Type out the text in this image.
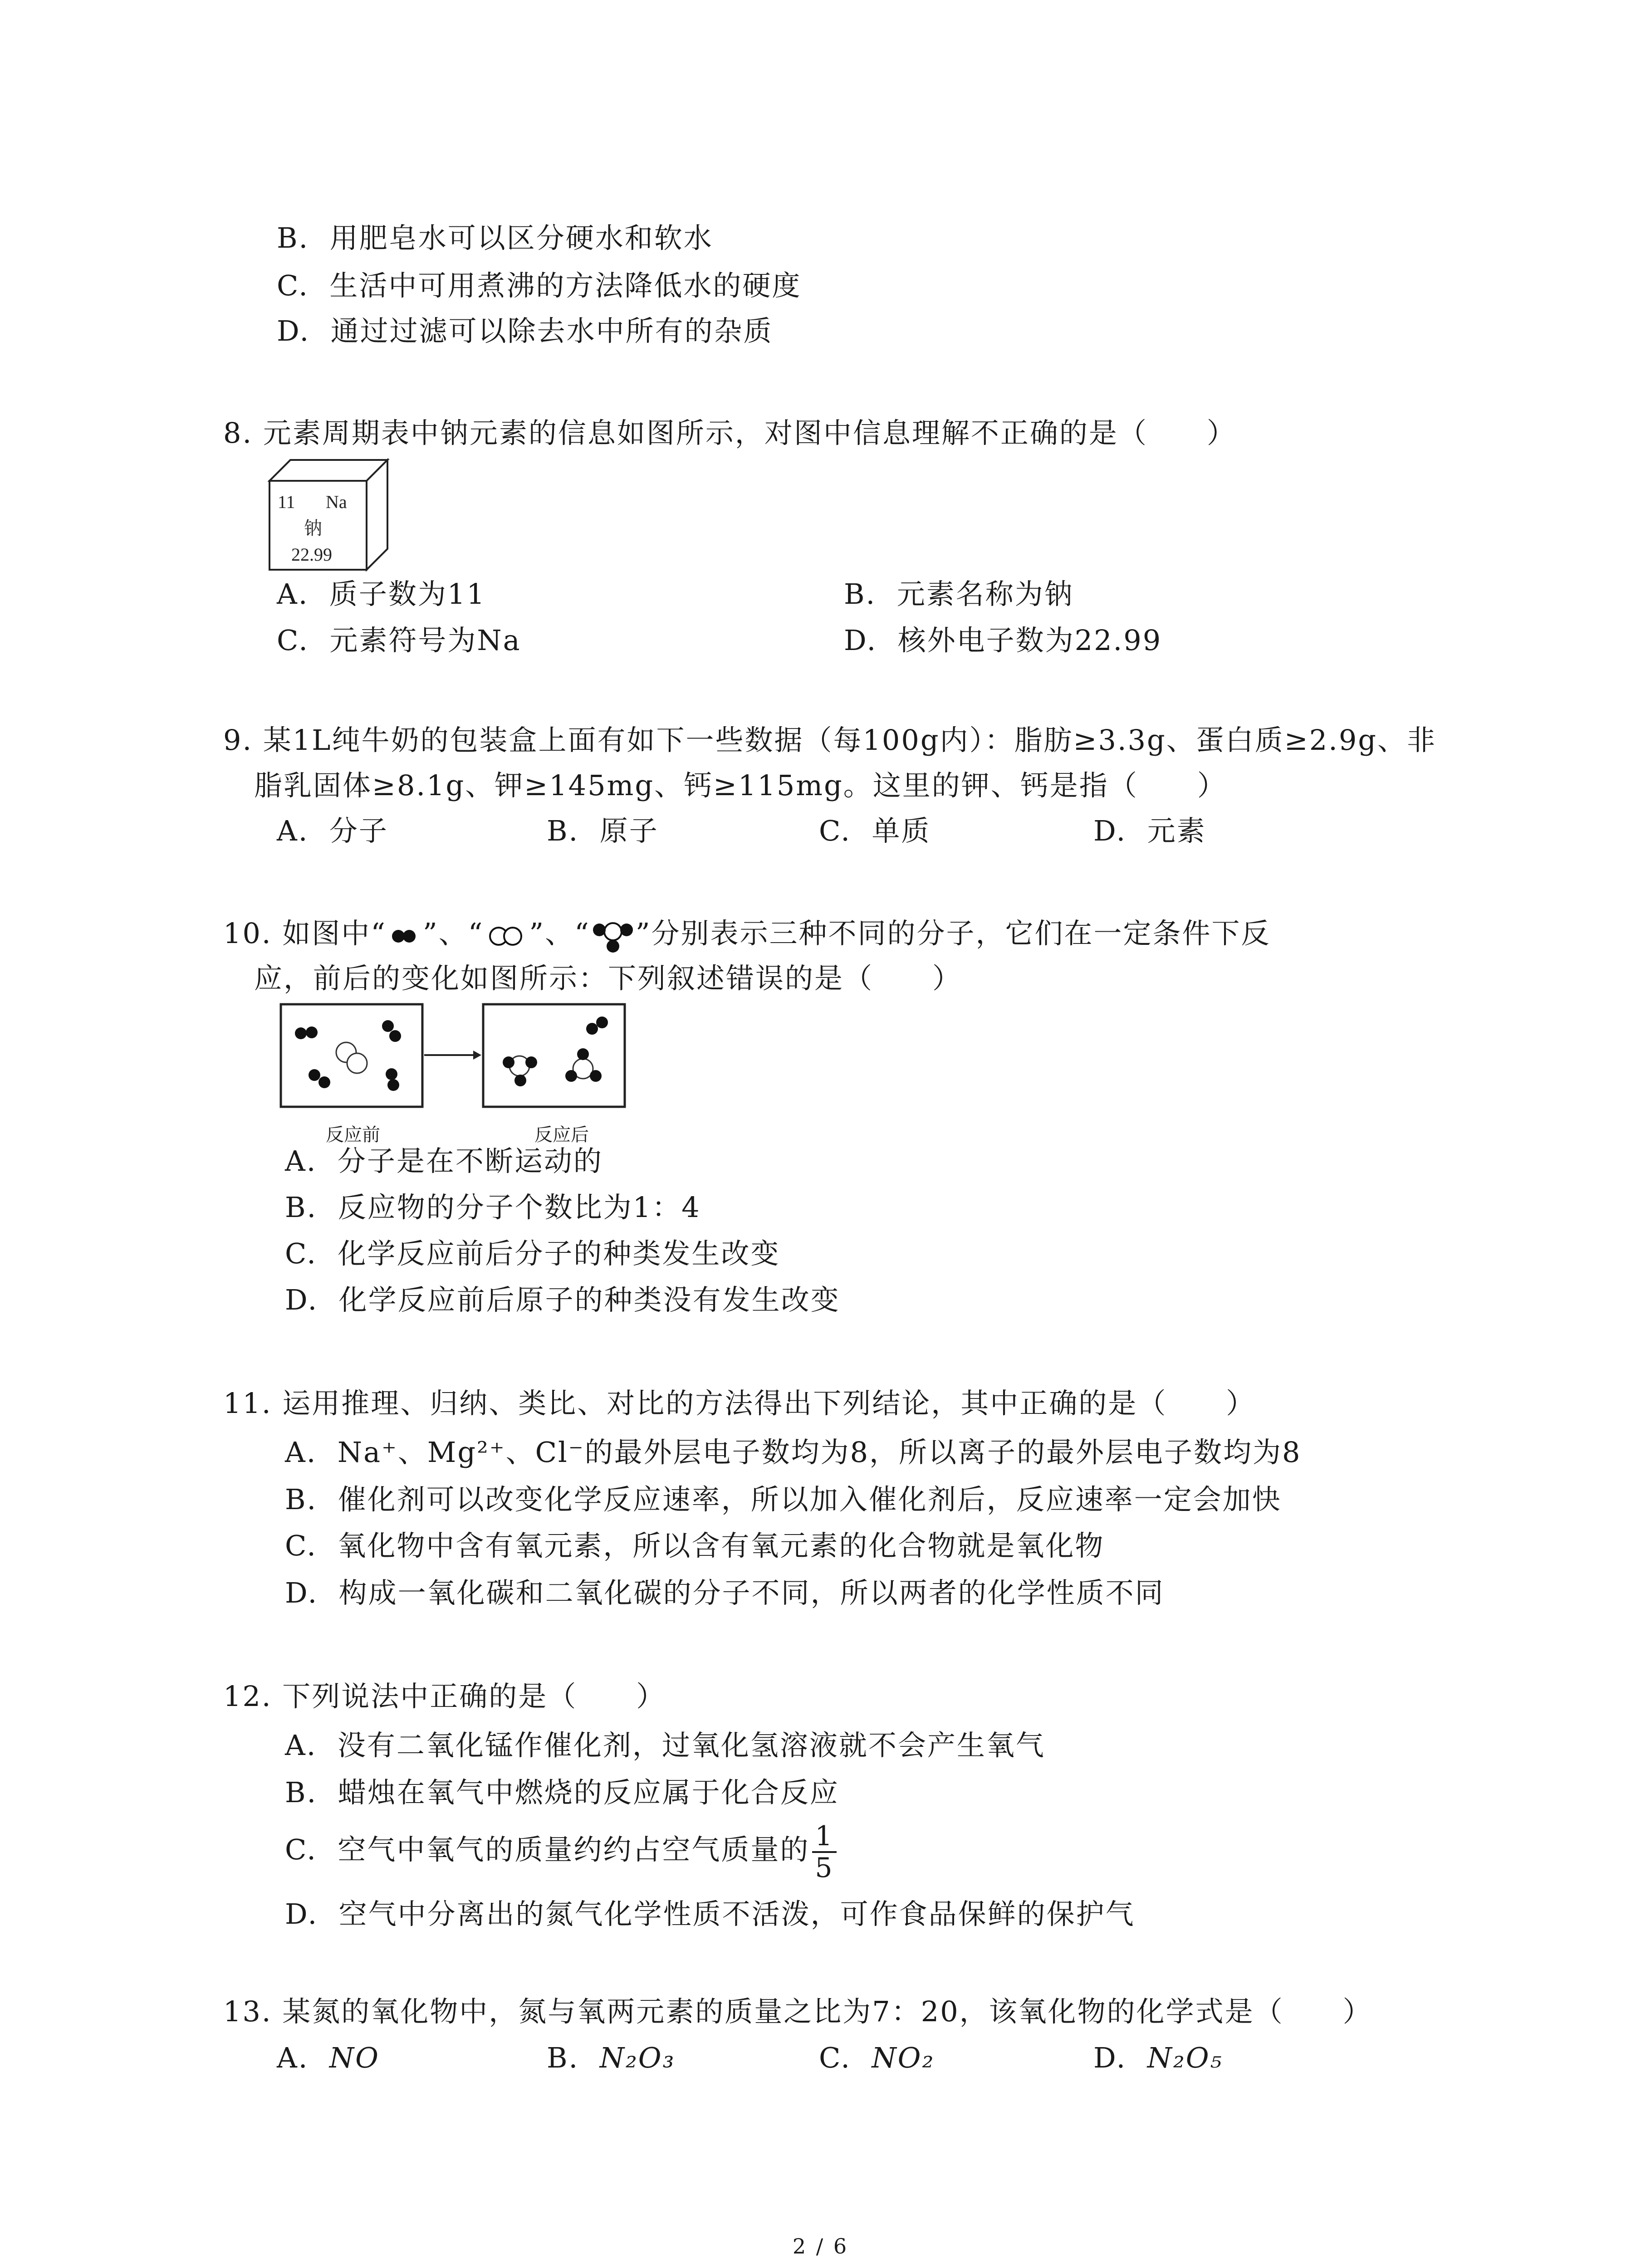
B. 用肥皂水可以区分硬水和软水
C. 生活中可用煮沸的方法降低水的硬度
D. 通过过滤可以除去水中所有的杂质
8. 元素周期表中钠元素的信息如图所示，对图中信息理解不正确的是（　　）
11 Na
钠
22.99
A. 质子数为11	B. 元素名称为钠
C. 元素符号为Na	D. 核外电子数为22.99
9. 某1L纯牛奶的包装盒上面有如下一些数据（每100g内）：脂肪≥3.3g、蛋白质≥2.9g、非
脂乳固体≥8.1g、钾≥145mg、钙≥115mg。这里的钾、钙是指（　　）
A. 分子	B. 原子	C. 单质	D. 元素
10. 如图中“ ”、“ ”、“ ”分别表示三种不同的分子，它们在一定条件下反
应，前后的变化如图所示：下列叙述错误的是（　　）
反应前	反应后
A. 分子是在不断运动的
B. 反应物的分子个数比为1：4
C. 化学反应前后分子的种类发生改变
D. 化学反应前后原子的种类没有发生改变
11. 运用推理、归纳、类比、对比的方法得出下列结论，其中正确的是（　　）
A. Na⁺、Mg²⁺、Cl⁻的最外层电子数均为8，所以离子的最外层电子数均为8
B. 催化剂可以改变化学反应速率，所以加入催化剂后，反应速率一定会加快
C. 氧化物中含有氧元素，所以含有氧元素的化合物就是氧化物
D. 构成一氧化碳和二氧化碳的分子不同，所以两者的化学性质不同
12. 下列说法中正确的是（　　）
A. 没有二氧化锰作催化剂，过氧化氢溶液就不会产生氧气
B. 蜡烛在氧气中燃烧的反应属于化合反应
C. 空气中氧气的质量约约占空气质量的 $\frac{1}{5}$
D. 空气中分离出的氮气化学性质不活泼，可作食品保鲜的保护气
13. 某氮的氧化物中，氮与氧两元素的质量之比为7：20，该氧化物的化学式是（　　）
A. NO	B. N₂O₃	C. NO₂	D. N₂O₅
2 / 6
